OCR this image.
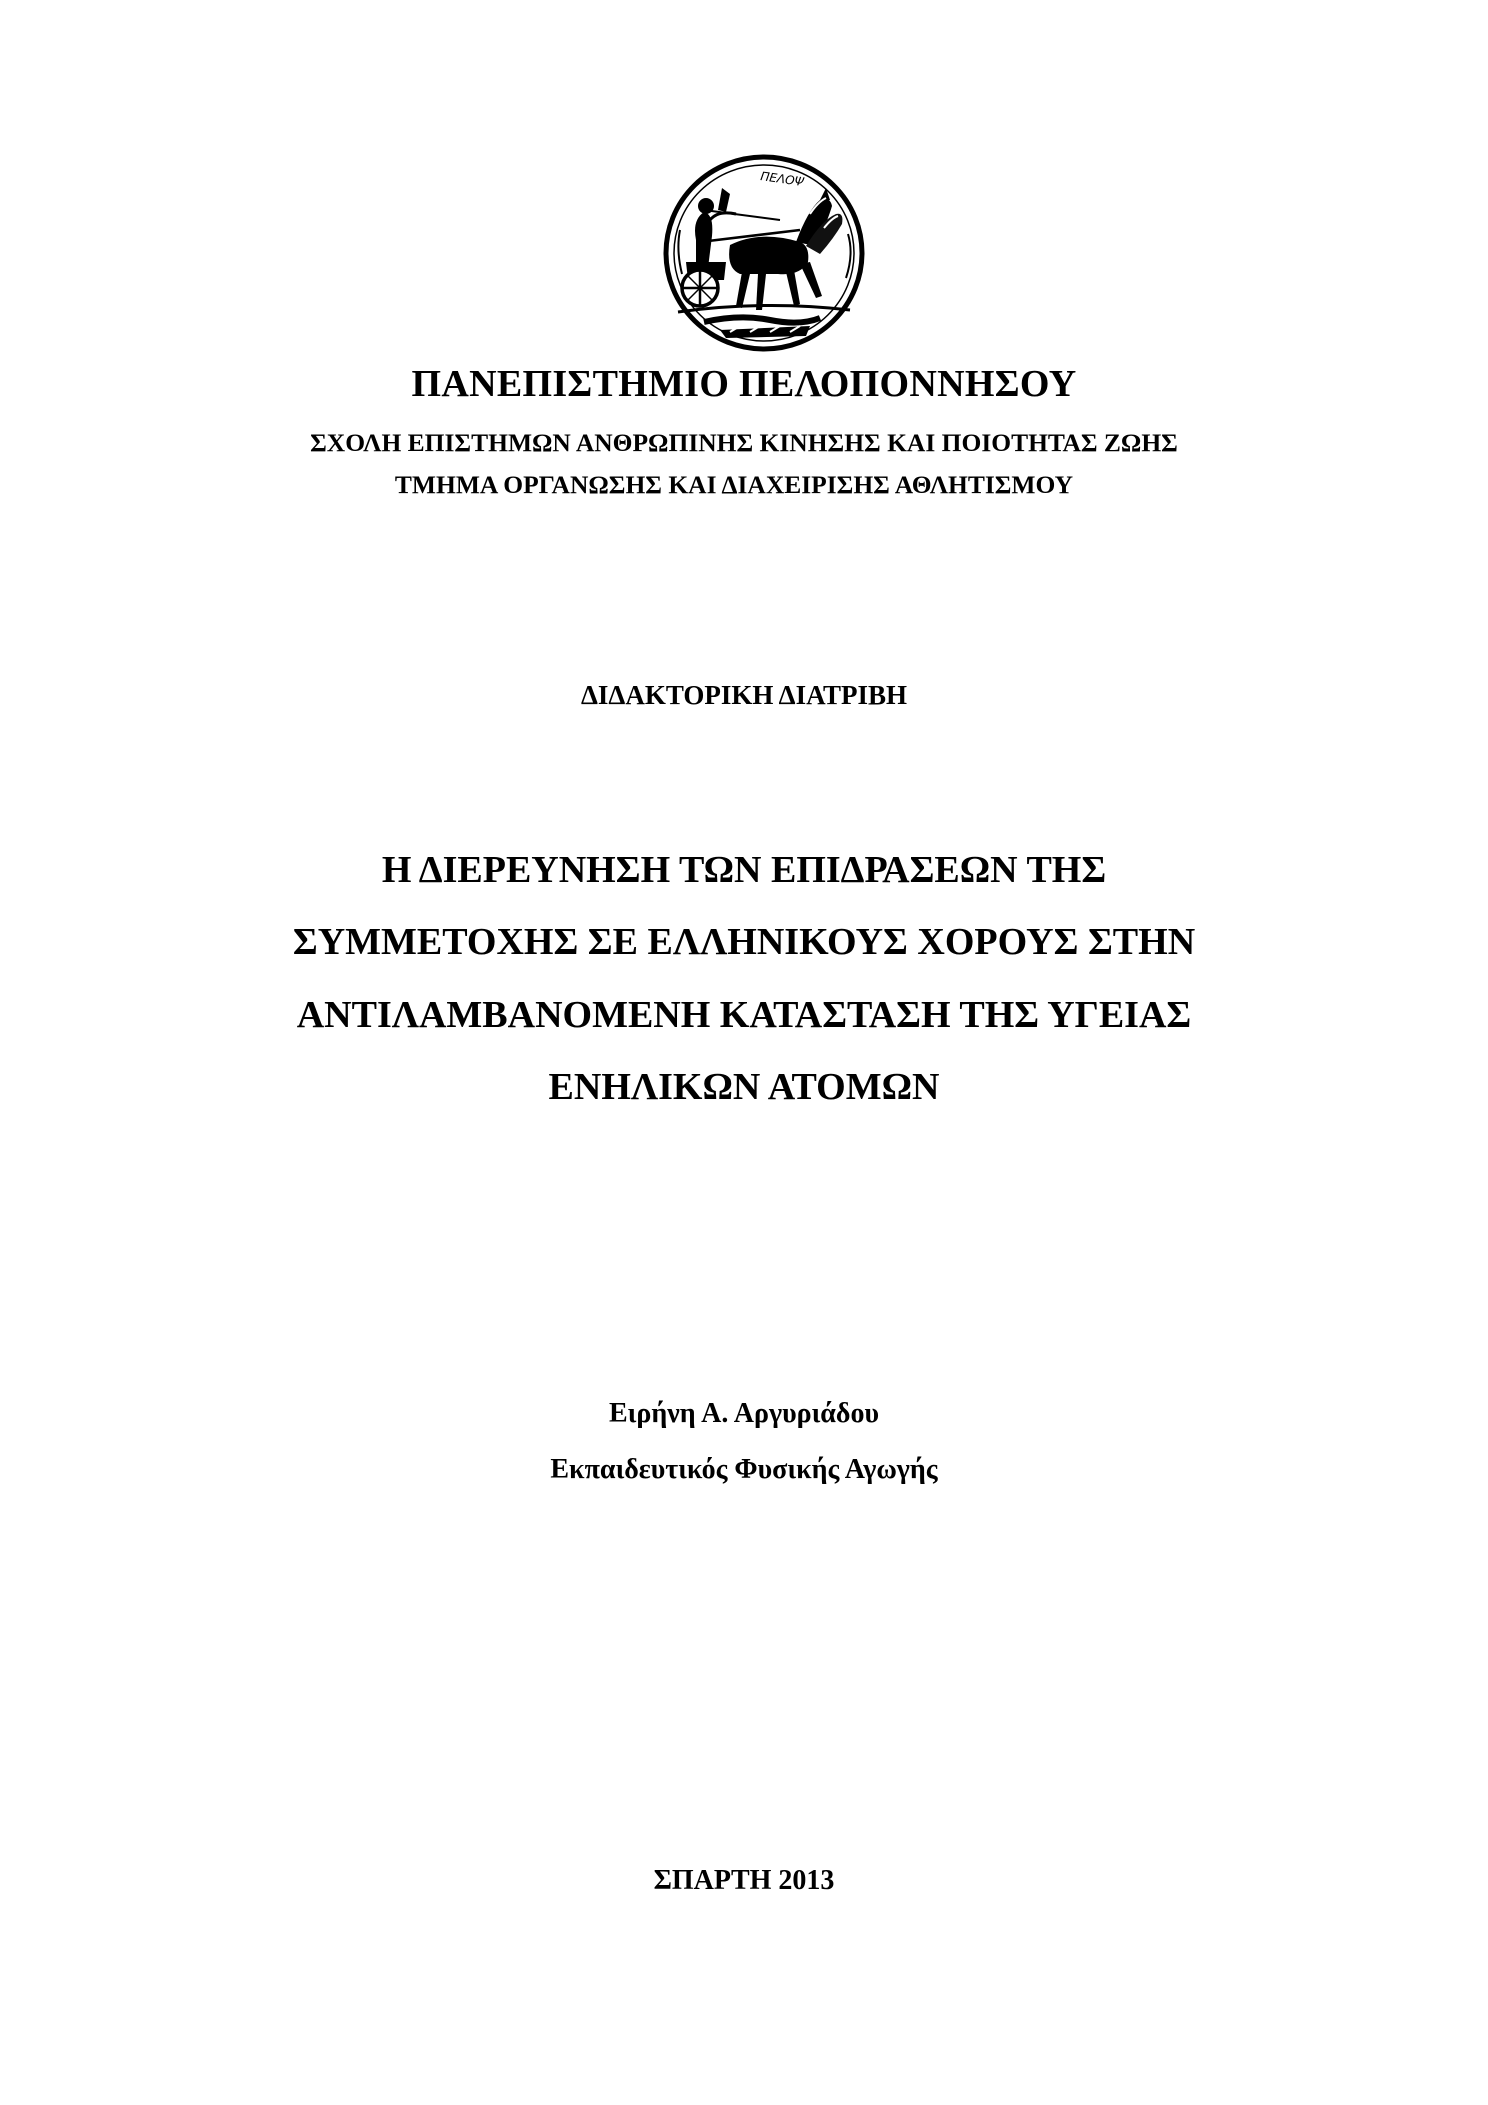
ΠΕΛΟΨ
ΠΑΝΕΠΙΣΤΗΜΙΟ ΠΕΛΟΠΟΝΝΗΣΟΥ
ΣΧΟΛΗ ΕΠΙΣΤΗΜΩΝ ΑΝΘΡΩΠΙΝΗΣ ΚΙΝΗΣΗΣ ΚΑΙ ΠΟΙΟΤΗΤΑΣ ΖΩΗΣ
ΤΜΗΜΑ ΟΡΓΑΝΩΣΗΣ ΚΑΙ ΔΙΑΧΕΙΡΙΣΗΣ ΑΘΛΗΤΙΣΜΟΥ
ΔΙΔΑΚΤΟΡΙΚΗ ΔΙΑΤΡΙΒΗ
Η ΔΙΕΡΕΥΝΗΣΗ ΤΩΝ ΕΠΙΔΡΑΣΕΩΝ ΤΗΣ
ΣΥΜΜΕΤΟΧΗΣ ΣΕ ΕΛΛΗΝΙΚΟΥΣ ΧΟΡΟΥΣ ΣΤΗΝ
ΑΝΤΙΛΑΜΒΑΝΟΜΕΝΗ ΚΑΤΑΣΤΑΣΗ ΤΗΣ ΥΓΕΙΑΣ
ΕΝΗΛΙΚΩΝ ΑΤΟΜΩΝ
Ειρήνη Α. Αργυριάδου
Εκπαιδευτικός Φυσικής Αγωγής
ΣΠΑΡΤΗ 2013
